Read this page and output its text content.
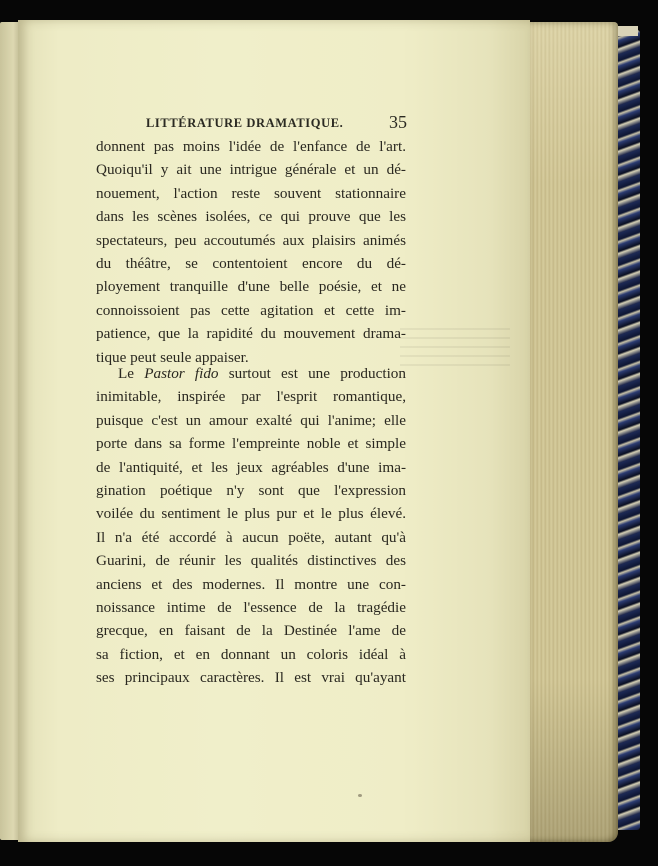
LITTÉRATURE DRAMATIQUE.	35
donnent pas moins l'idée de l'enfance de l'art.
Quoiqu'il y ait une intrigue générale et un dé-
nouement, l'action reste souvent stationnaire
dans les scènes isolées, ce qui prouve que les
spectateurs, peu accoutumés aux plaisirs animés
du théâtre, se contentoient encore du dé-
ployement tranquille d'une belle poésie, et ne
connoissoient pas cette agitation et cette im-
patience, que la rapidité du mouvement drama-
tique peut seule appaiser.
Le Pastor fido surtout est une production
inimitable, inspirée par l'esprit romantique,
puisque c'est un amour exalté qui l'anime; elle
porte dans sa forme l'empreinte noble et simple
de l'antiquité, et les jeux agréables d'une ima-
gination poétique n'y sont que l'expression
voilée du sentiment le plus pur et le plus élevé.
Il n'a été accordé à aucun poëte, autant qu'à
Guarini, de réunir les qualités distinctives des
anciens et des modernes. Il montre une con-
noissance intime de l'essence de la tragédie
grecque, en faisant de la Destinée l'ame de
sa fiction, et en donnant un coloris idéal à
ses principaux caractères. Il est vrai qu'ayant
